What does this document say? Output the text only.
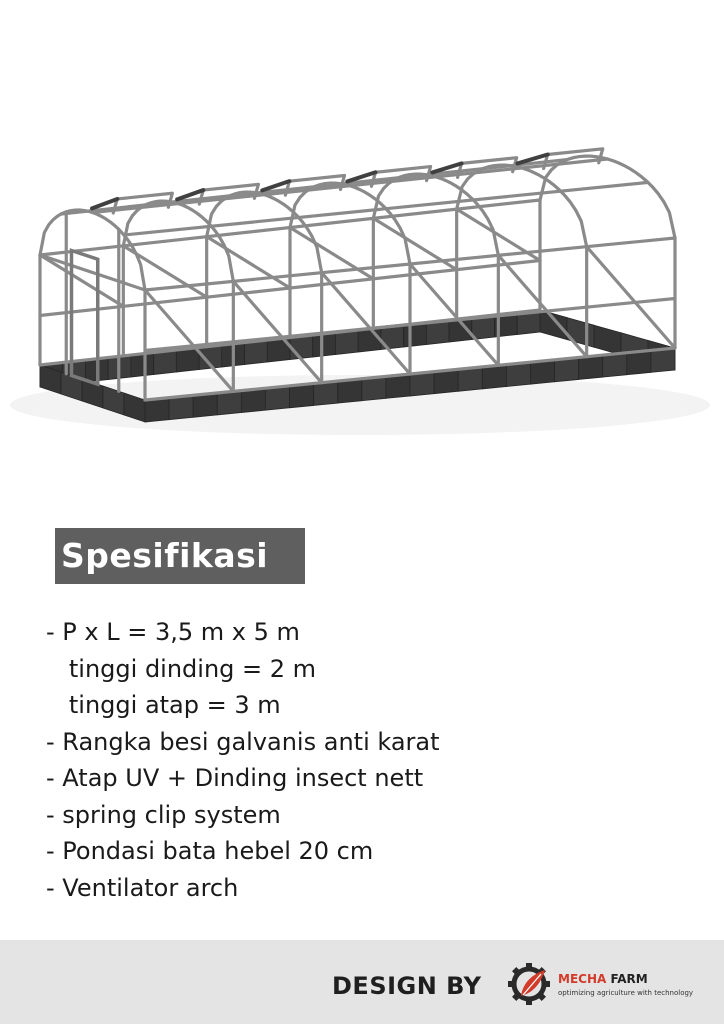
Spesifikasi
- P x L = 3,5 m x 5 m
tinggi dinding = 2 m
tinggi atap = 3 m
- Rangka besi galvanis anti karat
- Atap UV + Dinding insect nett
- spring clip system
- Pondasi bata hebel 20 cm
- Ventilator arch
DESIGN BY	MECHA FARM
optimizing agriculture with technology
